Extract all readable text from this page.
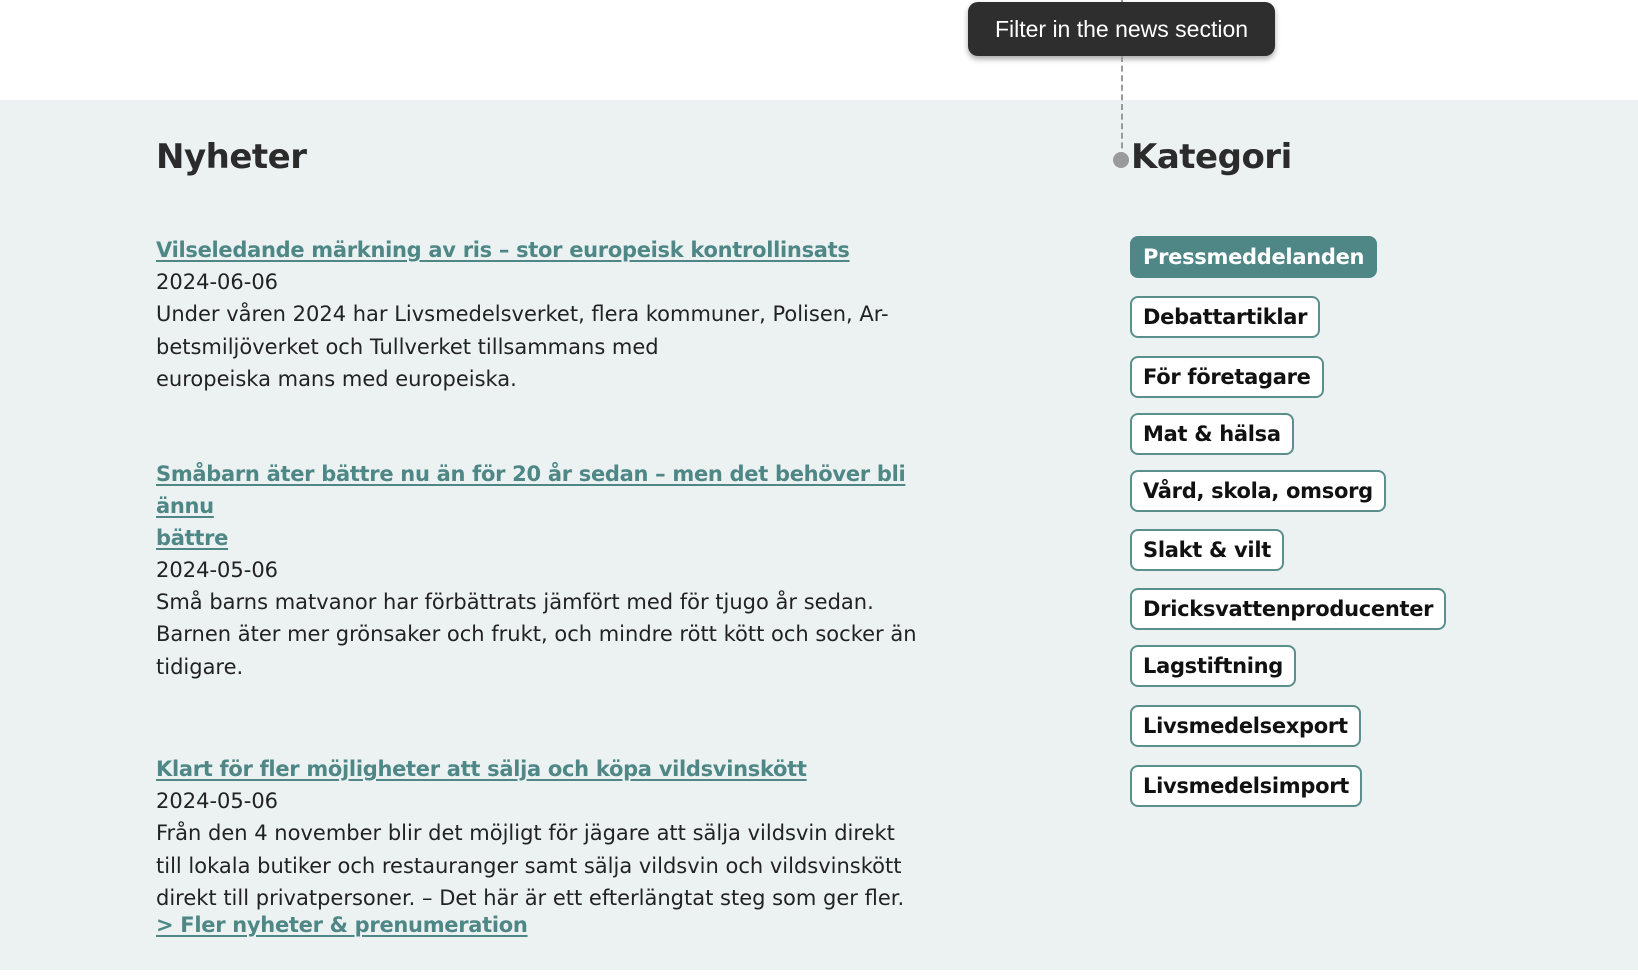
Filter in the news section
Nyheter
Vilseledande märkning av ris – stor europeisk kontrollinsats
2024-06-06

Under våren 2024 har Livsmedelsverket, flera kommuner, Polisen, Ar-
betsmiljöverket och Tullverket tillsammans med
europeiska mans med europeiska.

Småbarn äter bättre nu än för 20 år sedan – men det behöver bli ännu
bättre
2024-05-06

Små barns matvanor har förbättrats jämfört med för tjugo år sedan.
Barnen äter mer grönsaker och frukt, och mindre rött kött och socker än
tidigare.

Klart för fler möjligheter att sälja och köpa vildsvinskött
2024-05-06

Från den 4 november blir det möjligt för jägare att sälja vildsvin direkt
till lokala butiker och restauranger samt sälja vildsvin och vildsvinskött
direkt till privatpersoner. – Det här är ett efterlängtat steg som ger fler.

> Fler nyheter & prenumeration
Kategori
Pressmeddelanden
Debattartiklar
För företagare
Mat & hälsa
Vård, skola, omsorg
Slakt & vilt
Dricksvattenproducenter
Lagstiftning
Livsmedelsexport
Livsmedelsimport
